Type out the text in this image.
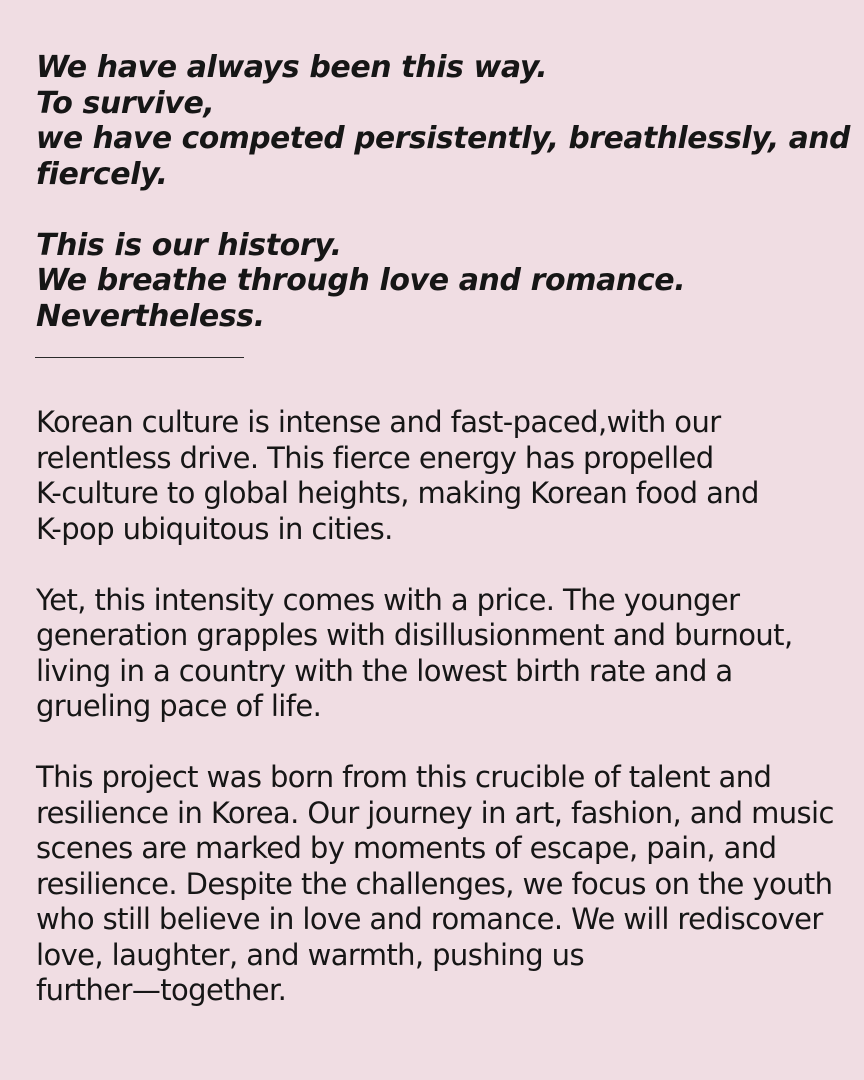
We have always been this way.
To survive,
we have competed persistently, breathlessly, and
fiercely.

This is our history.
We breathe through love and romance.
Nevertheless.

Korean culture is intense and fast-paced,with our
relentless drive. This fierce energy has propelled
K-culture to global heights, making Korean food and
K-pop ubiquitous in cities.

Yet, this intensity comes with a price. The younger
generation grapples with disillusionment and burnout,
living in a country with the lowest birth rate and a
grueling pace of life.

This project was born from this crucible of talent and
resilience in Korea. Our journey in art, fashion, and music
scenes are marked by moments of escape, pain, and
resilience. Despite the challenges, we focus on the youth
who still believe in love and romance. We will rediscover
love, laughter, and warmth, pushing us
further—together.
